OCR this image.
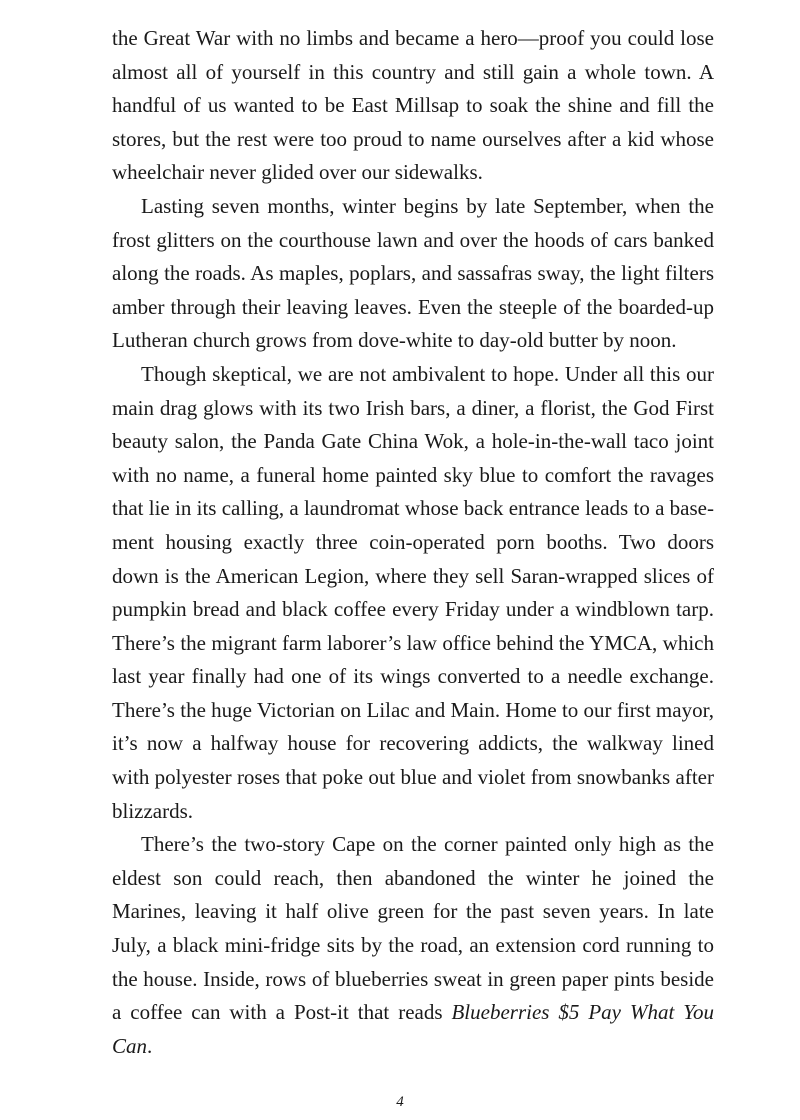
the Great War with no limbs and became a hero—proof you could lose almost all of yourself in this country and still gain a whole town. A handful of us wanted to be East Millsap to soak the shine and fill the stores, but the rest were too proud to name ourselves after a kid whose wheelchair never glided over our sidewalks.

Lasting seven months, winter begins by late September, when the frost glitters on the courthouse lawn and over the hoods of cars banked along the roads. As maples, poplars, and sassafras sway, the light filters amber through their leaving leaves. Even the steeple of the boarded-up Lutheran church grows from dove-white to day-old butter by noon.

Though skeptical, we are not ambivalent to hope. Under all this our main drag glows with its two Irish bars, a diner, a florist, the God First beauty salon, the Panda Gate China Wok, a hole-in-the-wall taco joint with no name, a funeral home painted sky blue to comfort the ravages that lie in its calling, a laundromat whose back entrance leads to a basement housing exactly three coin-operated porn booths. Two doors down is the American Legion, where they sell Saran-wrapped slices of pumpkin bread and black coffee every Friday under a windblown tarp. There’s the migrant farm laborer’s law office behind the YMCA, which last year finally had one of its wings converted to a needle exchange. There’s the huge Victorian on Lilac and Main. Home to our first mayor, it’s now a halfway house for recovering addicts, the walkway lined with polyester roses that poke out blue and violet from snowbanks after blizzards.

There’s the two-story Cape on the corner painted only high as the eldest son could reach, then abandoned the winter he joined the Marines, leaving it half olive green for the past seven years. In late July, a black mini-fridge sits by the road, an extension cord running to the house. Inside, rows of blueberries sweat in green paper pints beside a coffee can with a Post-it that reads Blueberries $5 Pay What You Can.

4
